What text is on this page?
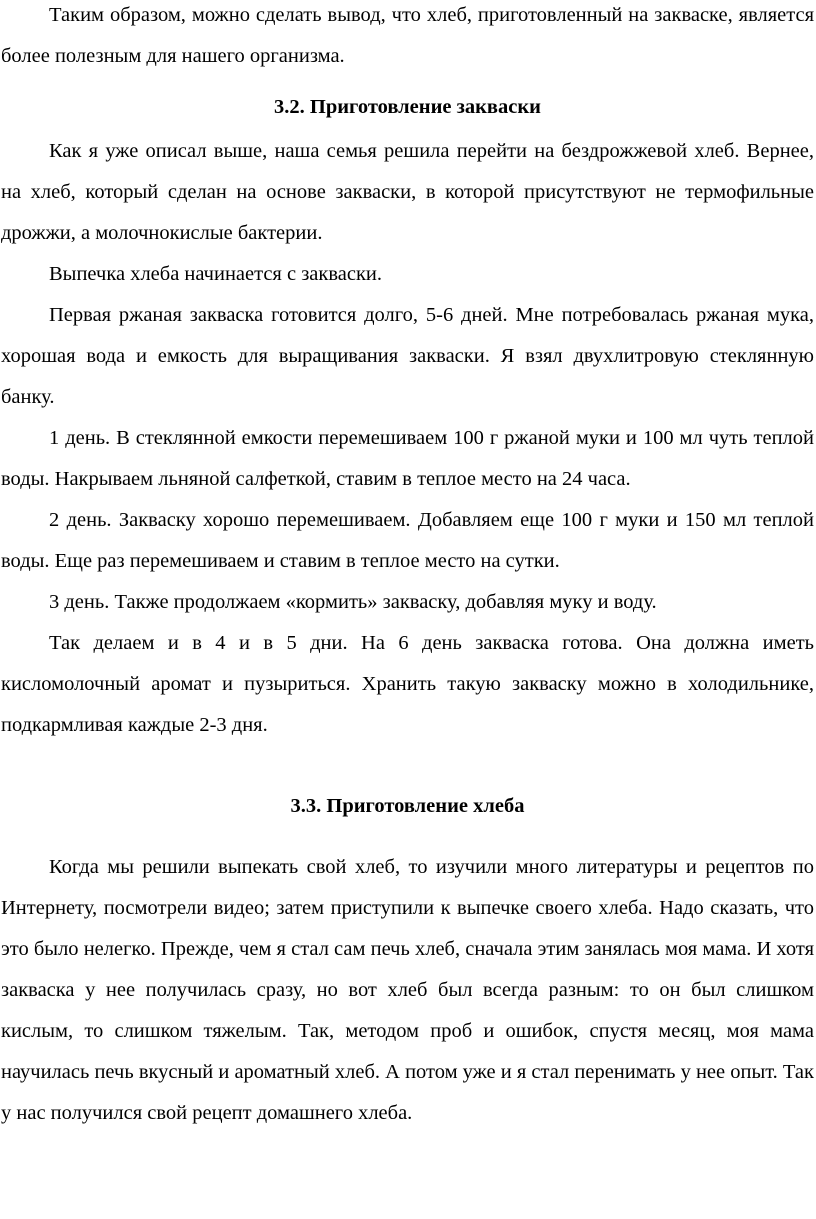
Таким образом, можно сделать вывод, что хлеб, приготовленный на закваске, является более полезным для нашего организма.

3.2. Приготовление закваски

Как я уже описал выше, наша семья решила перейти на бездрожжевой хлеб. Вернее, на хлеб, который сделан на основе закваски, в которой присутствуют не термофильные дрожжи, а молочнокислые бактерии.

Выпечка хлеба начинается с закваски.

Первая ржаная закваска готовится долго, 5-6 дней. Мне потребовалась ржаная мука, хорошая вода и емкость для выращивания закваски. Я взял двухлитровую стеклянную банку.

1 день. В стеклянной емкости перемешиваем 100 г ржаной муки и 100 мл чуть теплой воды. Накрываем льняной салфеткой, ставим в теплое место на 24 часа.

2 день. Закваску хорошо перемешиваем. Добавляем еще 100 г муки и 150 мл теплой воды. Еще раз перемешиваем и ставим в теплое место на сутки.

3 день. Также продолжаем «кормить» закваску, добавляя муку и воду.

Так делаем и в 4 и в 5 дни. На 6 день закваска готова. Она должна иметь кисломолочный аромат и пузыриться. Хранить такую закваску можно в холодильнике, подкармливая каждые 2-3 дня.

3.3. Приготовление хлеба

Когда мы решили выпекать свой хлеб, то изучили много литературы и рецептов по Интернету, посмотрели видео; затем приступили к выпечке своего хлеба. Надо сказать, что это было нелегко. Прежде, чем я стал сам печь хлеб, сначала этим занялась моя мама. И хотя закваска у нее получилась сразу, но вот хлеб был всегда разным: то он был слишком кислым, то слишком тяжелым. Так, методом проб и ошибок, спустя месяц, моя мама научилась печь вкусный и ароматный хлеб. А потом уже и я стал перенимать у нее опыт. Так у нас получился свой рецепт домашнего хлеба.
